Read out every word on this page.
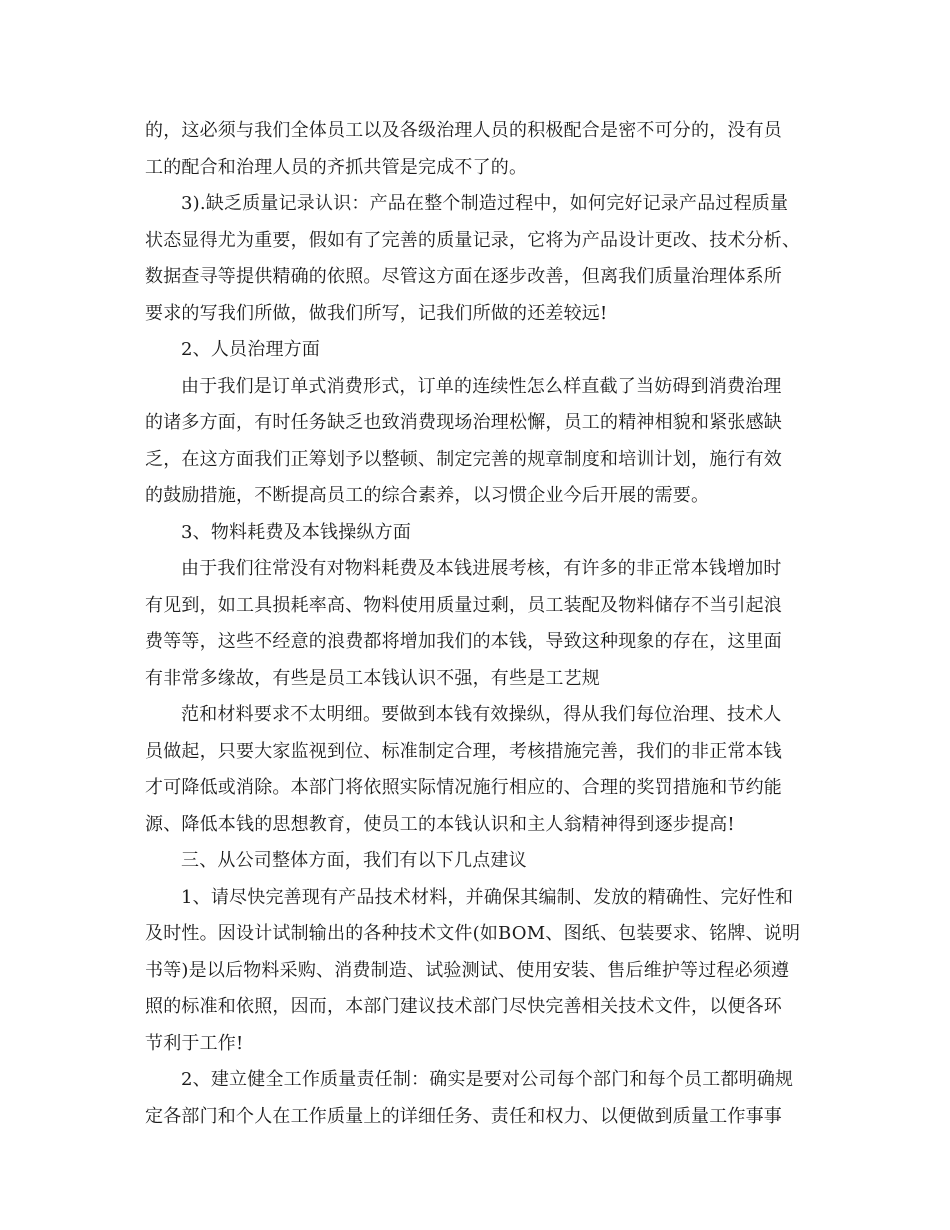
的，这必须与我们全体员工以及各级治理人员的积极配合是密不可分的，没有员
工的配合和治理人员的齐抓共管是完成不了的。
3).缺乏质量记录认识：产品在整个制造过程中，如何完好记录产品过程质量
状态显得尤为重要，假如有了完善的质量记录，它将为产品设计更改、技术分析、
数据查寻等提供精确的依照。尽管这方面在逐步改善，但离我们质量治理体系所
要求的写我们所做，做我们所写，记我们所做的还差较远!
2、人员治理方面
由于我们是订单式消费形式，订单的连续性怎么样直截了当妨碍到消费治理
的诸多方面，有时任务缺乏也致消费现场治理松懈，员工的精神相貌和紧张感缺
乏，在这方面我们正筹划予以整顿、制定完善的规章制度和培训计划，施行有效
的鼓励措施，不断提高员工的综合素养，以习惯企业今后开展的需要。
3、物料耗费及本钱操纵方面
由于我们往常没有对物料耗费及本钱进展考核，有许多的非正常本钱增加时
有见到，如工具损耗率高、物料使用质量过剩，员工装配及物料储存不当引起浪
费等等，这些不经意的浪费都将增加我们的本钱，导致这种现象的存在，这里面
有非常多缘故，有些是员工本钱认识不强，有些是工艺规
范和材料要求不太明细。要做到本钱有效操纵，得从我们每位治理、技术人
员做起，只要大家监视到位、标准制定合理，考核措施完善，我们的非正常本钱
才可降低或消除。本部门将依照实际情况施行相应的、合理的奖罚措施和节约能
源、降低本钱的思想教育，使员工的本钱认识和主人翁精神得到逐步提高!
三、从公司整体方面，我们有以下几点建议
1、请尽快完善现有产品技术材料，并确保其编制、发放的精确性、完好性和
及时性。因设计试制输出的各种技术文件(如BOM、图纸、包装要求、铭牌、说明
书等)是以后物料采购、消费制造、试验测试、使用安装、售后维护等过程必须遵
照的标准和依照，因而，本部门建议技术部门尽快完善相关技术文件，以便各环
节利于工作!
2、建立健全工作质量责任制：确实是要对公司每个部门和每个员工都明确规
定各部门和个人在工作质量上的详细任务、责任和权力、以便做到质量工作事事
